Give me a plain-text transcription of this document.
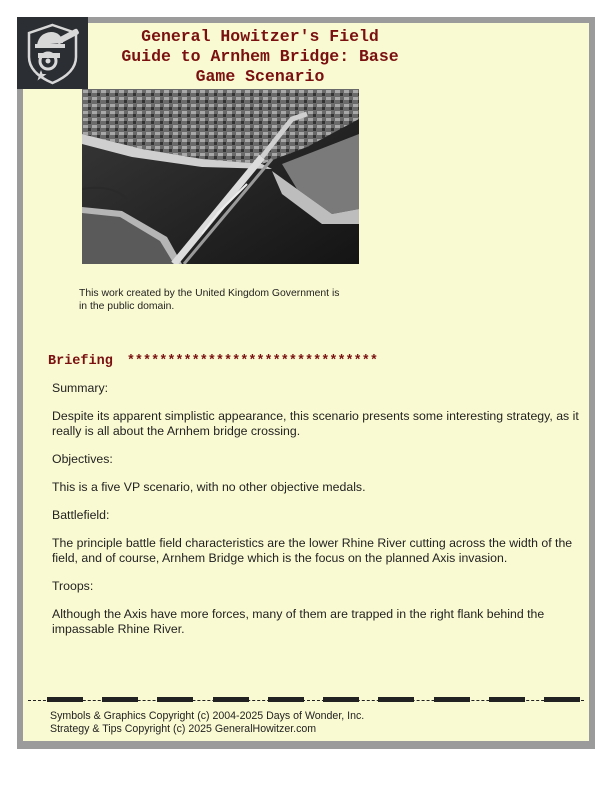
General Howitzer's Field
Guide to Arnhem Bridge: Base
Game Scenario
This work created by the United Kingdom Government is
in the public domain.
Briefing *******************************

Summary:

Despite its apparent simplistic appearance, this scenario presents some interesting strategy, as it really is all about the Arnhem bridge crossing.

Objectives:

This is a five VP scenario, with no other objective medals.

Battlefield:

The principle battle field characteristics are the lower Rhine River cutting across the width of the field, and of course, Arnhem Bridge which is the focus on the planned Axis invasion.

Troops:

Although the Axis have more forces, many of them are trapped in the right flank behind the impassable Rhine River.

Symbols & Graphics Copyright (c) 2004-2025 Days of Wonder, Inc.
Strategy & Tips Copyright (c) 2025 GeneralHowitzer.com
